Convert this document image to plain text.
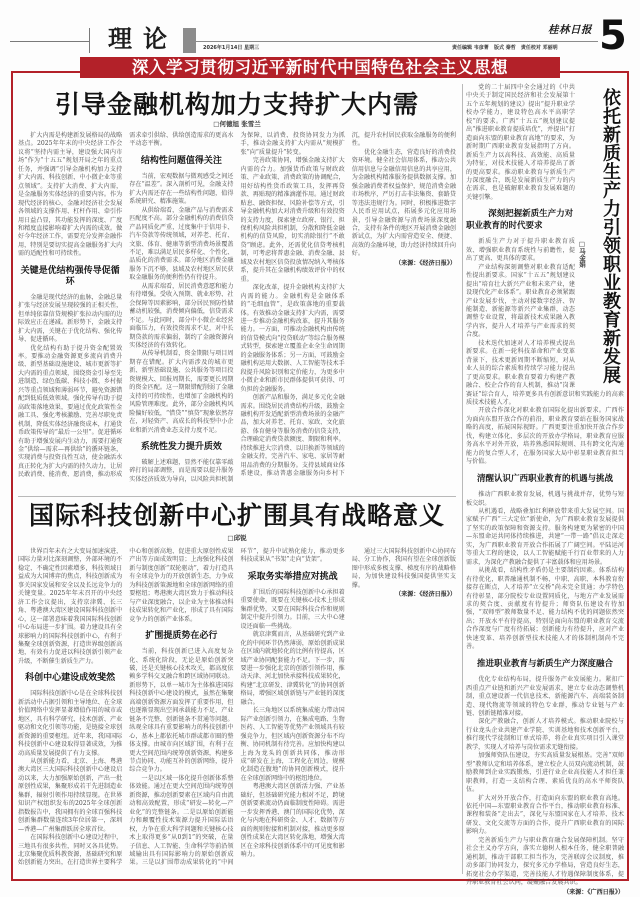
理论	2026年1月14日 星期三
桂林日报
责任编辑 韦彦菁   版式 秦哲   责任校对 邓丽明 5
深入学习贯彻习近平新时代中国特色社会主义思想
引导金融机构加力支持扩大内需
□何德旭 张雪兰

扩大内需是构建新发展格局的战略基点。2025年年末的中央经济工作会议将“坚持内需主导，建设强大国内市场”作为“十五五”规划开局之年的重点任务，并强调“引导金融机构加力支持扩大内需、科技创新、中小微企业等重点领域”。支持扩大消费、扩大内需，是金融服务实体经济的重要内容。作为现代经济的核心，金融对经济社会发展各领域的支撑作用、杠杆作用、牵引作用日益凸显，其功能发挥的深度、广度和精度直接影响着扩大内需的成效。做好今年经济工作，需要充分发挥金融作用，特别是要切实提高金融服务扩大内需的适配性和可持续性。

关键是优结构强传导促循环

金融是现代经济的血脉，金融总量扩张与经济发展呈现较强的正相关性，但单纯依靠信贷规模扩张拉动内需的边际效应正在递减。新形势下，金融支持扩大内需，关键在于优化结构、强化传导、促进循环。

优化结构有助于提升资金配置效率。要推动金融资源更多流向消费升级、新型基础设施建设、城市更新等扩大内需的重点领域，围绕资金引导至先进制造、绿色低碳、科技小微、乡村振兴等重点领域和薄弱环节，避免资源错配到低质低效领域。强化传导有助于提高政策落地效果，要通过优化政策性金融工具、强化考核激励、完善尽职免责机制，降低实体经济融资成本，打通货币政策传导的“最后一公里”。促进循环有助于增强发展内生动力，需要打通资金“供给—需求—再供给”的循环链条，实现消费与投资良性互动，使金融活水真正转化为扩大内需的持久动力，让居民敢消费、能消费、愿消费，推动形成需求牵引供给、供给创造需求的更高水平动态平衡。

结构性问题值得关注

当前，宏观数据与微观感受之间还存在“温差”。深入剖析可见，金融支持扩大内需还存在一些结构性问题，值得系统研究、精准施策。

从供给端看，金融产品与消费需求匹配度不高。部分金融机构的消费信贷产品同质化严重，过度集中于信用卡、汽车贷款等传统领域，对养老、托育、文旅、体育、健康等新型消费场景覆盖不足，难以满足居民多样化、个性化、品质化的消费需求。部分地区消费金融服务下沉不够，县域及农村地区居民获取金融服务的便利性仍有待提升。

从需求端看，居民消费意愿和能力有待增强。受收入预期、就业形势、社会保障等因素影响，部分居民预防性储蓄动机较强，消费倾向偏低，信贷需求不足。与此同时，部分中小微企业经营面临压力，有效投资需求不足，对中长期贷款的需求偏弱，制约了金融资源向实体经济的有效转化。

从传导机制看，资金期限与项目周期存在错配。扩大内需涉及的城市更新、新型基础设施、公共服务等项目投资规模大、回报周期长，需要更长周期的资金匹配。这一期限错配削弱了金融支持的可持续性，也增加了金融机构的风险管理难度。此外，部分金融机构风险偏好较低，“惜贷”“慎贷”现象依然存在，对轻资产、高成长的科技型中小企业和新兴消费业态支持力度不足。

系统性发力提升质效

破解上述难题，显然不能仅靠零敲碎打的局部调整，而是需要以提升服务实体经济质效为导向，以风险共担机制为保障，以消费、投资协同发力为抓手，推动金融支持扩大内需从“规模扩张”向“质量提升”转变。

完善政策协同，增强金融支持扩大内需的合力。加强货币政策与财政政策、产业政策、消费政策的协调配合，用好结构性货币政策工具，发挥再贷款、再贴现的精准滴灌作用。通过财政贴息、融资担保、风险补偿等方式，引导金融机构加大对消费升级和有效投资的支持力度，探索建立政府、银行、担保机构风险共担机制，分散和降低金融机构的信贷风险，切实消除银行“不敢贷”顾虑。此外，还需优化信贷考核机制，可考虑将普惠金融、消费金融、县域及农村地区信贷投放情况纳入考核体系，提升其在金融机构绩效评价中的权重。

深化改革，提升金融机构支持扩大内需的能力。金融机构是金融体系的“毛细血管”，是政策落地的重要载体。有效推动金融支持扩大内需，需要进一步推动金融机构改革，提升其服务能力。一方面，可推动金融机构由传统的信贷模式向“投贷联动”等综合服务模式转型，探索建立覆盖企业全生命周期的金融服务体系；另一方面，可鼓励金融机构运用大数据、人工智能等技术手段提升风险识别和定价能力，为更多中小微企业和新市民群体提供可获得、可负担的金融服务。

创新产品和服务，满足多元化金融需求。围绕居民消费结构升级，鼓励金融机构开发适配新型消费场景的金融产品，加大对养老、托育、家政、文化旅游、体育健身等服务消费的信贷支持，合理确定消费贷款额度、期限和利率。持续推进大宗消费、以旧换新等领域的金融支持，完善汽车、家电、家居等耐用品消费的分期服务。支持县域商业体系建设，推动普惠金融服务向乡村下沉，提升农村居民获取金融服务的便利性。

优化金融生态，营造良好的消费投资环境。健全社会信用体系，推动公共信用信息与金融信用信息的共享应用，为金融机构精准服务提供数据支撑。加强金融消费者权益保护，规范消费金融市场秩序，严厉打击非法集资、套路贷等违法违规行为。同时，积极推进数字人民币应用试点，拓展多元化应用场景，引导金融资源与消费场景深度融合，支持有条件的地区开展消费金融创新试点，为扩大内需营造安全、便捷、高效的金融环境，助力经济持续回升向好。

（来源：《经济日报》）

国际科技创新中心扩围具有战略意义
□邱锐

世界百年未有之大变局加速演进，国际力量对比深刻调整，外部环境的不稳定、不确定性因素增多，科技领域日益成为大国博弈的焦点，科技创新成为事关国家发展和安全以及长远竞争力的关键变量。2025年年末召开的中央经济工作会议提出，支持京津冀、长三角、粤港澳大湾区建设国际科技创新中心，这一部署意味着我国国际科技创新中心布局进一步扩围。着力建设具有全球影响力的国际科技创新中心，有利于集聚全球创新资源，打造世界级创新高地，有效有力促进以科技创新引领产业升级，不断催生新质生产力。

科创中心建设成效斐然

国际科技创新中心是在全球科技创新活动中占据引领和主导地位、在全球价值网络中发挥显著增值作用的城市或地区，具有科学研究、技术创新、产业驱动和文化引领等功能，是链接全球创新资源的重要枢纽。近年来，我国国际科技创新中心建设取得显著成效，为推动高质量发展提供了有力支撑。

从创新能力看，北京、上海、粤港澳大湾区三大国际科技创新中心建设启动以来，大力加强原始创新，产出一批原创性成果，集聚形成若干先进制造业集群，辐射引领作用持续显现。在世界知识产权组织发布的2025年全球创新指数报告中，我国拥有的全球百强科技创新集群数量连续3年位居第一，深圳—香港—广州集群跃居全球首位。

在国际科技创新中心建设过程中，三地具有很多共性，同时又各具优势。北京集聚优质科教资源，基础研究和原始创新能力突出，在打造世界主要科学中心和创新高地、促进重大原创性成果产出等方面成效明显；上海强化科技创新与制度创新“双轮驱动”，着力打造具有全球竞争力的开放创新生态，力争成为科技创新策源地和全球创新网络的重要枢纽；粤港澳大湾区致力于推动科技与产业深度融合，以企业为主体推动科技成果转化和产业化，形成了具有国际竞争力的创新产业体系。

扩围提质势在必行

当前，科技创新已进入高度复杂化、系统化阶段，无论是原始创新突破，还是关键核心技术攻关，都高度依赖多学科交叉融合和跨区域协同联动。新形势下，以单一城市为主体推进国际科技创新中心建设的模式，虽然在集聚高端创新资源方面发挥了重要作用，但也逐渐显现出空间承载能力不足、产业链条不完整、创新链条不贯通等问题。纵观全球具有重要影响力的科技创新中心，基本上都依托城市群或都市圈的整体支撑。由城市向区域扩围，有利于在更大空间范围内统筹创新资源，构建多节点协同、功能互补的创新网络，提升综合竞争力。

一是以区域一体化提升创新体系整体效能。通过在更大空间范围内统筹创新资源，推动创新要素在区域内自由流动和高效配置，形成“研发—转化—产业化”的完整链条。二是以原始创新能力和颠覆性技术策源力提升国际话语权，力争在重大科学问题和关键核心技术上取得更多“从0到1”的突破，在量子信息、人工智能、生命科学等前沿领域输出具有国际影响力的原始创新成果。三是以扩围带动成果转化的“中间环节”，提升中试熟化能力，推动更多科技成果从“书架”走向“货架”。

采取务实举措应对挑战

扩围后的国际科技创新中心承担着重要使命，既要在关键核心技术上形成集群优势，又要在国际科技合作和规则制定中提升引领力。目前，三大中心建设还面临一些挑战。

就京津冀而言，从基础研究到产业化的中间环节仍然薄弱，原始创新成果在区域内就地转化的比例有待提高，区域产业协同配套能力不足。下一步，需要进一步强化北京的创新引领作用，推动天津、河北加快承接科技成果转化，构建“北京研发、津冀转化”的协同创新格局，增强区域创新链与产业链的深度融合。

长三角地区以系统集成能力带动国际产业创新引领力，在集成电路、生物医药、人工智能等优势产业领域具有较强竞争力，但区域内创新资源分布不均衡、协同机制有待完善。应加快构建以上海为龙头的创新共同体，推动形成“研发在上海，工程化在周边，规模化制造在腹地”的协同创新模式，提升在全球创新网络中的枢纽地位。

粤港澳大湾区创新活力强、产业基础好，但基础研究能力相对不足，跨境创新要素流动仍面临制度性障碍。需进一步发挥香港、澳门的国际化优势，深化与内地在科研资金、人才、数据等方面的规则衔接和机制对接，推动更多原创性成果在大湾区转化落地，增强大湾区在全球科技创新体系中的可见度和影响力。

通过三大国际科技创新中心协同布局、分工协作，我国有望在全球创新版图中形成多极支撑、梯度有序的战略格局，为加快建设科技强国提供坚实支撑。

（来源：《经济日报》）

□马金娟 依托新质生产力引领职业教育新发展

党的二十届四中全会通过的《中共中央关于制定国民经济和社会发展第十五个五年规划的建议》提出“提升职业学校办学能力，建设特色高水平高职学校”的要求。广西“十五五”规划建议提出“推进职业教育提质培优”，并提出“打造面向东盟的职业教育高地”的要求，为新时期广西职业教育发展指明了方向。新质生产力以高科技、高效能、高质量为特征，对技术技能人才培养提出了新的更高要求。推动职业教育与新质生产力深度融合，既是发展新质生产力的内在需求，也是破解职业教育发展难题的关键引擎。

深刻把握新质生产力对职业教育的时代要求

新质生产力对于提升职业教育质效、增强职业教育系统性与前瞻性，提出了更高、更具体的要求。

产业结构深刻调整对职业教育适配性提出新要求。国家“十五五”规划建议提出“培育壮大新兴产业和未来产业，建设现代化产业体系”。职业教育必须紧跟产业发展步伐，主动对接数字经济、智能制造、新能源等新兴产业集群，动态调整专业设置，将最新技术成果融入教学内容，提升人才培养与产业需求的契合度。

技术迭代加速对人才培养模式提出新要求。在新一轮科技革命和产业变革背景下，技术更新周期不断缩短，对从业人员的综合素质和持续学习能力提出了更高要求。职业教育要着力构建产教融合、校企合作的育人机制，推动“岗课赛证”综合育人，培养更多具有创新意识和实践能力的高素质技术技能人才。

开放合作深化对职业教育国际化提出新要求。广西作为面向东盟开放合作的前沿，职业教育要站在服务国家战略的高度，拓展国际视野。广西更要注重加快开放合作步伐，构建立体化、多层次的开放办学格局，职业教育应服务高水平对外开放，培养熟悉国际规则、具有跨文化沟通能力的复合型人才，在服务国家大局中彰显职业教育担当与价值。

清醒认识广西职业教育的机遇与挑战

推动广西职业教育发展，机遇与挑战并存，优势与短板交织。

从机遇看，战略叠加红利释放带来重大发展空间。国家赋予广西“三大定位”新使命，为广西职业教育发展提供了坚实的政策保障和资源支持。服务构建更为紧密的中国—东盟命运共同体持续推进，共建“一带一路”倡议走深走实，为广西职业教育开放合作拓展了广阔空间。平陆运河等重大工程的建设，以人工智能赋能千行百业带来的人力需求，为深化产教融合提供了丰富载体和应用场景。

从挑战看，结构性矛盾仍是主要制约因素。体系结构有待优化，职普融通机制不畅，中职、高职、本科教育衔接存在断点，人才培养“立交桥”尚未完全贯通；办学特色有待彰显，部分院校专业设置同质化，与地方产业发展需求的契合度、贡献度有待提升；师资队伍建设有待加强，“双师型”教师数量不足、能力结构不优的问题依然突出；开放水平有待提高，特别是面向东盟的职业教育交流合作深度与广度有待拓展；创新能力有待提升，应对产业快速变革、培养创新型技术技能人才的体制机制尚不完善。

推进职业教育与新质生产力深度融合

优化专业结构布局，提升服务产业发展能力。紧扣广西重点产业链和新兴产业发展需求，建立专业动态调整机制，重点建设新一代信息技术、新能源汽车、高端装备制造、现代物流等领域的特色专业群，推动专业链与产业链、创新链精准对接。

深化产教融合，创新人才培养模式。推动职业院校与行业龙头企业共建产业学院、实训基地和技术创新平台，推行现代学徒制和订单式培养，将企业真实项目引入课堂教学，实现人才培养与岗位需求无缝衔接。

加强师资队伍建设，夯实高质量发展根基。完善“双师型”教师认定和培养体系，建立校企人员双向流动机制，鼓励教师到企业实践锻炼，引进行业企业高技能人才担任兼职教师，打造一支结构合理、素质优良的高水平师资队伍。

扩大对外开放合作，打造面向东盟的职业教育高地。依托中国—东盟职业教育合作平台，推动职业教育标准、课程和装备“走出去”，深化与东盟国家在人才培养、技术研发、文化交流等方面的合作，提升广西职业教育的国际影响力。

完善新质生产力与职业教育融合发展保障机制。坚守社会主义办学方向，落实立德树人根本任务，健全职普融通机制，推动干部职工担当作为，完善联席会议制度，推动多部门协同发力，探究多元办学格局，营造良好生态，拓宽社会办学渠道，完善技能人才待遇保障制度体系，提升职业教育社会认同，凝聚融合发展共识。

（来源：《广西日报》）
